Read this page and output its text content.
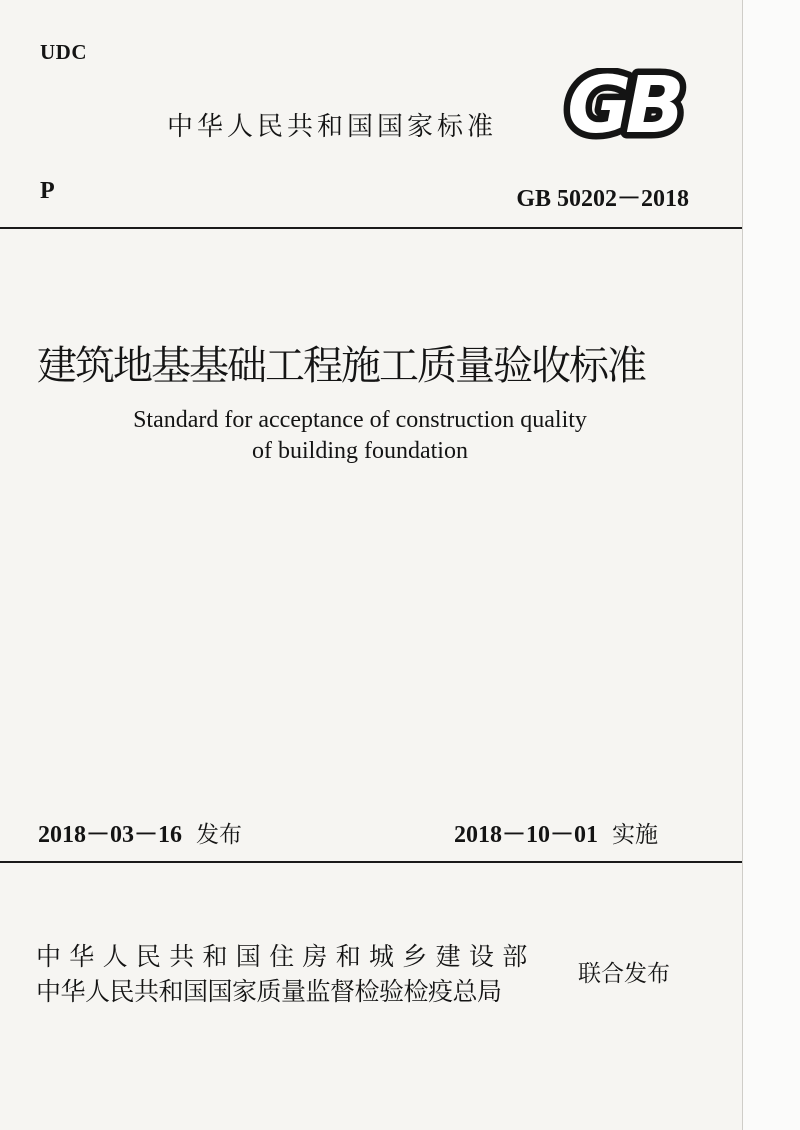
UDC
中华人民共和国国家标准 GB
P	GB 50202－2018
建筑地基基础工程施工质量验收标准
Standard for acceptance of construction quality
of building foundation
2018－03－16 发布	2018－10－01 实施
中华人民共和国住房和城乡建设部
中华人民共和国国家质量监督检验检疫总局
联合发布
